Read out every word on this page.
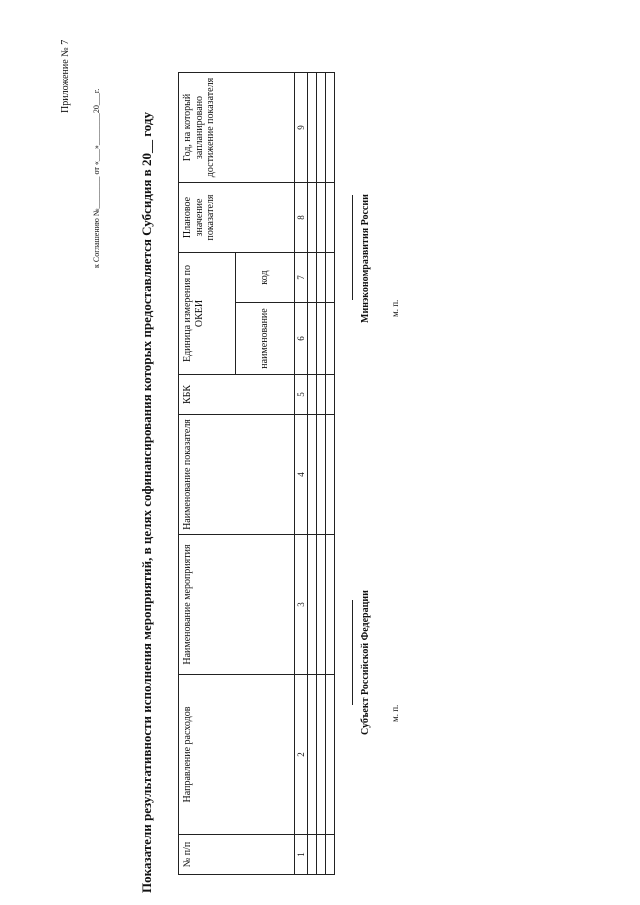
Приложение № 7
к Соглашению №________ от «___»________20___г.	Показатели результативности исполнения мероприятий, в целях софинансирования которых предоставляется Субсидия в 20__ году	№ п/п	Направление расходов	Наименование мероприятия	Наименование показателя	КБК	Единица измерения по ОКЕИ		Плановое значение показателя	Год, на который запланировано достижение показателя
					наименование	код		
1	2	3	4	5	6	7	8	9

Субъект Российской Федерации м. п.
Минэкономразвития России м. п.
